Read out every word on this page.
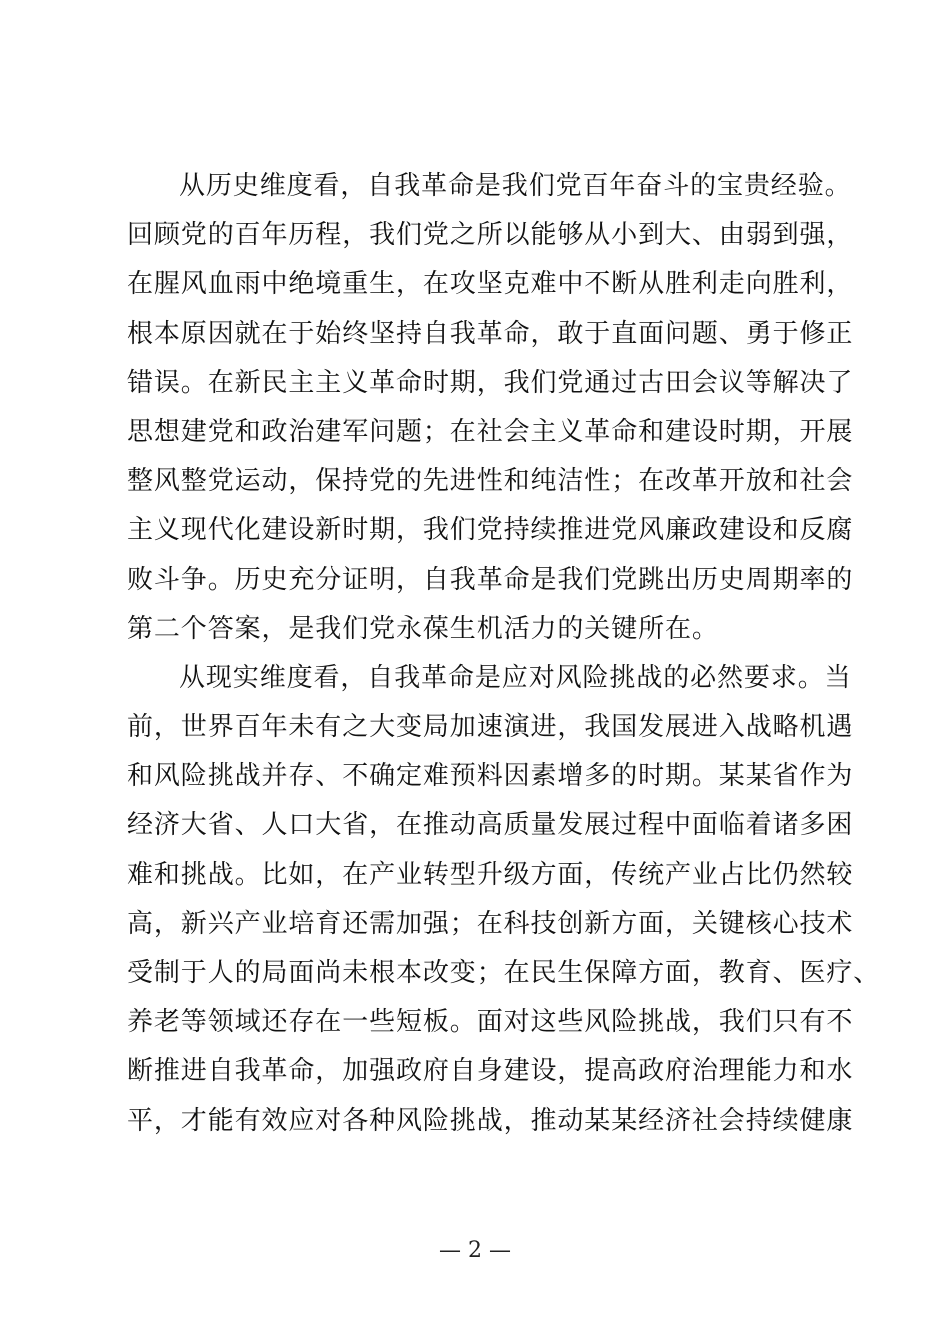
从历史维度看，自我革命是我们党百年奋斗的宝贵经验。
回顾党的百年历程，我们党之所以能够从小到大、由弱到强，
在腥风血雨中绝境重生，在攻坚克难中不断从胜利走向胜利，
根本原因就在于始终坚持自我革命，敢于直面问题、勇于修正
错误。在新民主主义革命时期，我们党通过古田会议等解决了
思想建党和政治建军问题；在社会主义革命和建设时期，开展
整风整党运动，保持党的先进性和纯洁性；在改革开放和社会
主义现代化建设新时期，我们党持续推进党风廉政建设和反腐
败斗争。历史充分证明，自我革命是我们党跳出历史周期率的
第二个答案，是我们党永葆生机活力的关键所在。
从现实维度看，自我革命是应对风险挑战的必然要求。当
前，世界百年未有之大变局加速演进，我国发展进入战略机遇
和风险挑战并存、不确定难预料因素增多的时期。某某省作为
经济大省、人口大省，在推动高质量发展过程中面临着诸多困
难和挑战。比如，在产业转型升级方面，传统产业占比仍然较
高，新兴产业培育还需加强；在科技创新方面，关键核心技术
受制于人的局面尚未根本改变；在民生保障方面，教育、医疗、
养老等领域还存在一些短板。面对这些风险挑战，我们只有不
断推进自我革命，加强政府自身建设，提高政府治理能力和水
平，才能有效应对各种风险挑战，推动某某经济社会持续健康
— 2 —
